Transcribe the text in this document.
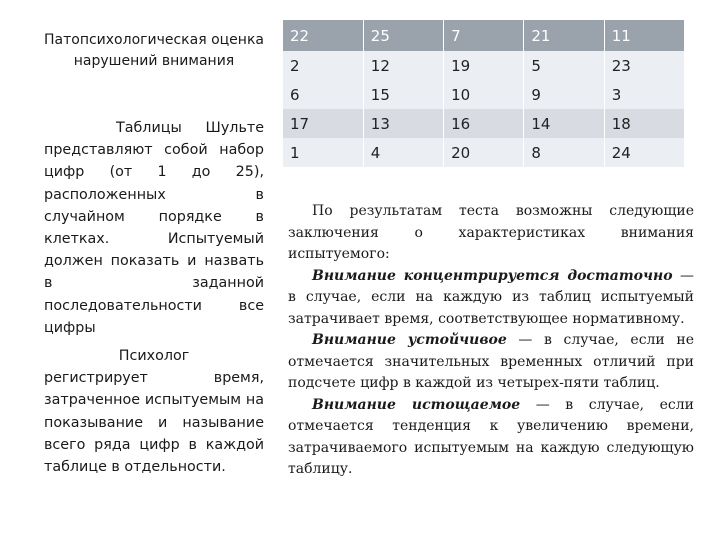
Патопсихологическая оценка нарушений внимания

Таблицы Шульте представляют собой набор цифр (от 1 до 25), расположенных в случайном порядке в клетках. Испытуемый должен показать и назвать в заданной последовательности все цифры

Психолог

регистрирует время, затраченное испытуемым на показывание и называние всего ряда цифр в каждой таблице в отдельности.

22	25	7	21	11
2	12	19	5	23
6	15	10	9	3
17	13	16	14	18
1	4	20	8	24

По результатам теста возможны следующие заключения о характеристиках внимания испытуемого:

Внимание концентрируется достаточно — в случае, если на каждую из таблиц испытуемый затрачивает время, соответствующее нормативному.

Внимание устойчивое — в случае, если не отмечается значительных временных отличий при подсчете цифр в каждой из четырех-пяти таблиц.

Внимание истощаемое — в случае, если отмечается тенденция к увеличению времени, затрачиваемого испытуемым на каждую следующую таблицу.
